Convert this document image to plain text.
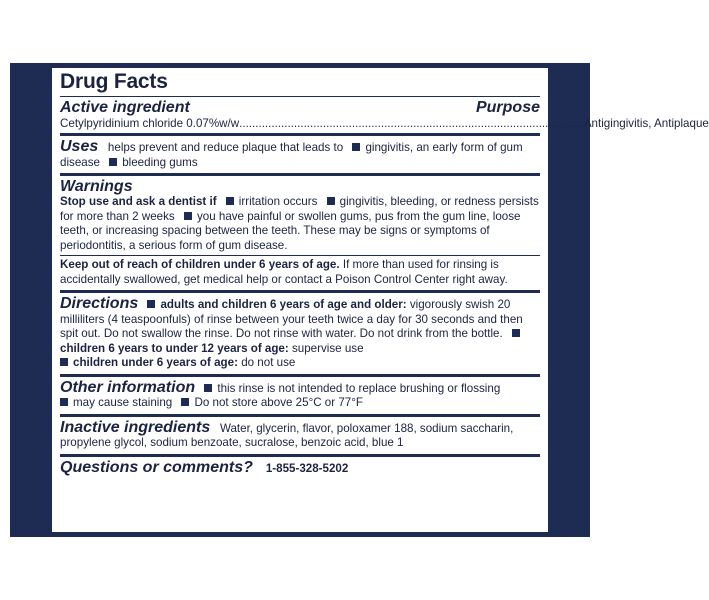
Drug Facts
Active ingredient	Purpose
Cetylpyridinium chloride 0.07%w/w ........................................................................................................... Antigingivitis, Antiplaque

Uses helps prevent and reduce plaque that leads to gingivitis, an early form of gum disease bleeding gums

Warnings

Stop use and ask a dentist if irritation occurs gingivitis, bleeding, or redness persists for more than 2 weeks you have painful or swollen gums, pus from the gum line, loose teeth, or increasing spacing between the teeth. These may be signs or symptoms of periodontitis, a serious form of gum disease.

Keep out of reach of children under 6 years of age. If more than used for rinsing is accidentally swallowed, get medical help or contact a Poison Control Center right away.

Directions adults and children 6 years of age and older: vigorously swish 20 milliliters (4 teaspoonfuls) of rinse between your teeth twice a day for 30 seconds and then spit out. Do not swallow the rinse. Do not rinse with water. Do not drink from the bottle. children 6 years to under 12 years of age: supervise use
children under 6 years of age: do not use

Other information this rinse is not intended to replace brushing or flossing
may cause staining Do not store above 25°C or 77°F

Inactive ingredients Water, glycerin, flavor, poloxamer 188, sodium saccharin, propylene glycol, sodium benzoate, sucralose, benzoic acid, blue 1

Questions or comments? 1-855-328-5202
